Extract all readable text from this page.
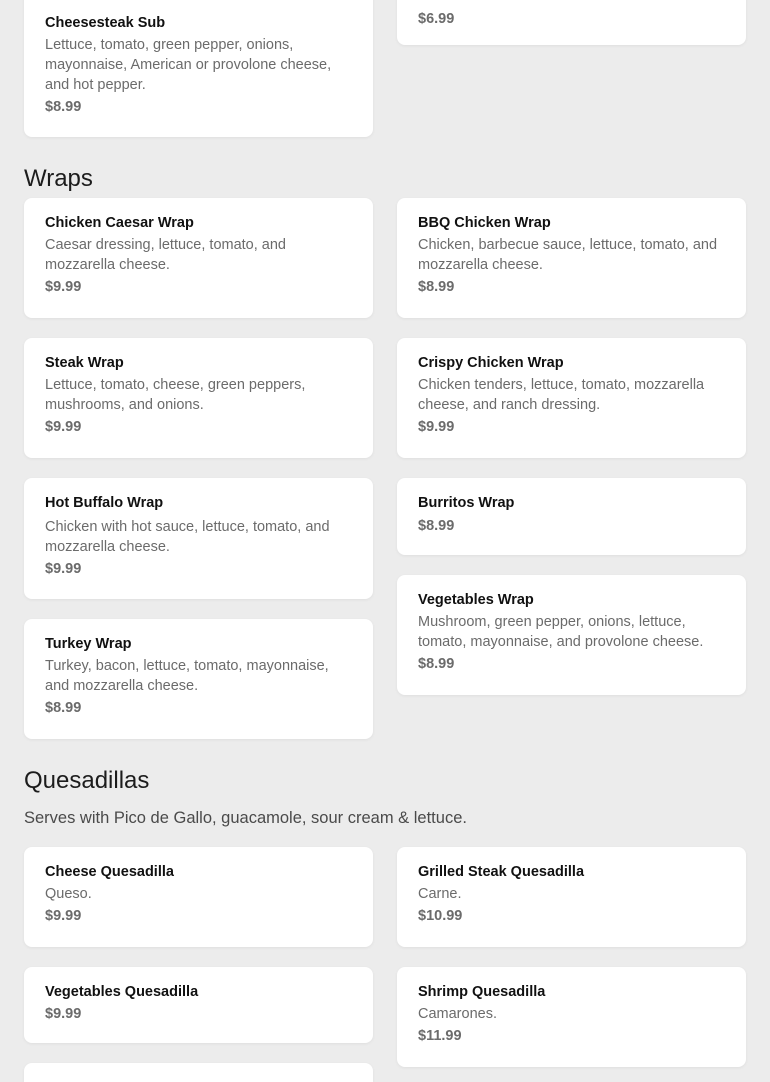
Cheesesteak Sub

Lettuce, tomato, green pepper, onions, mayonnaise, American or provolone cheese, and hot pepper.

$8.99

$6.99

Wraps

Chicken Caesar Wrap

Caesar dressing, lettuce, tomato, and mozzarella cheese.

$9.99

BBQ Chicken Wrap

Chicken, barbecue sauce, lettuce, tomato, and mozzarella cheese.

$8.99

Steak Wrap

Lettuce, tomato, cheese, green peppers, mushrooms, and onions.

$9.99

Crispy Chicken Wrap

Chicken tenders, lettuce, tomato, mozzarella cheese, and ranch dressing.

$9.99

Hot Buffalo Wrap

Chicken with hot sauce, lettuce, tomato, and mozzarella cheese.

$9.99

Burritos Wrap

$8.99

Turkey Wrap

Turkey, bacon, lettuce, tomato, mayonnaise, and mozzarella cheese.

$8.99

Vegetables Wrap

Mushroom, green pepper, onions, lettuce, tomato, mayonnaise, and provolone cheese.

$8.99

Quesadillas

Serves with Pico de Gallo, guacamole, sour cream & lettuce.

Cheese Quesadilla

Queso.

$9.99

Grilled Steak Quesadilla

Carne.

$10.99

Vegetables Quesadilla

$9.99

Shrimp Quesadilla

Camarones.

$11.99
